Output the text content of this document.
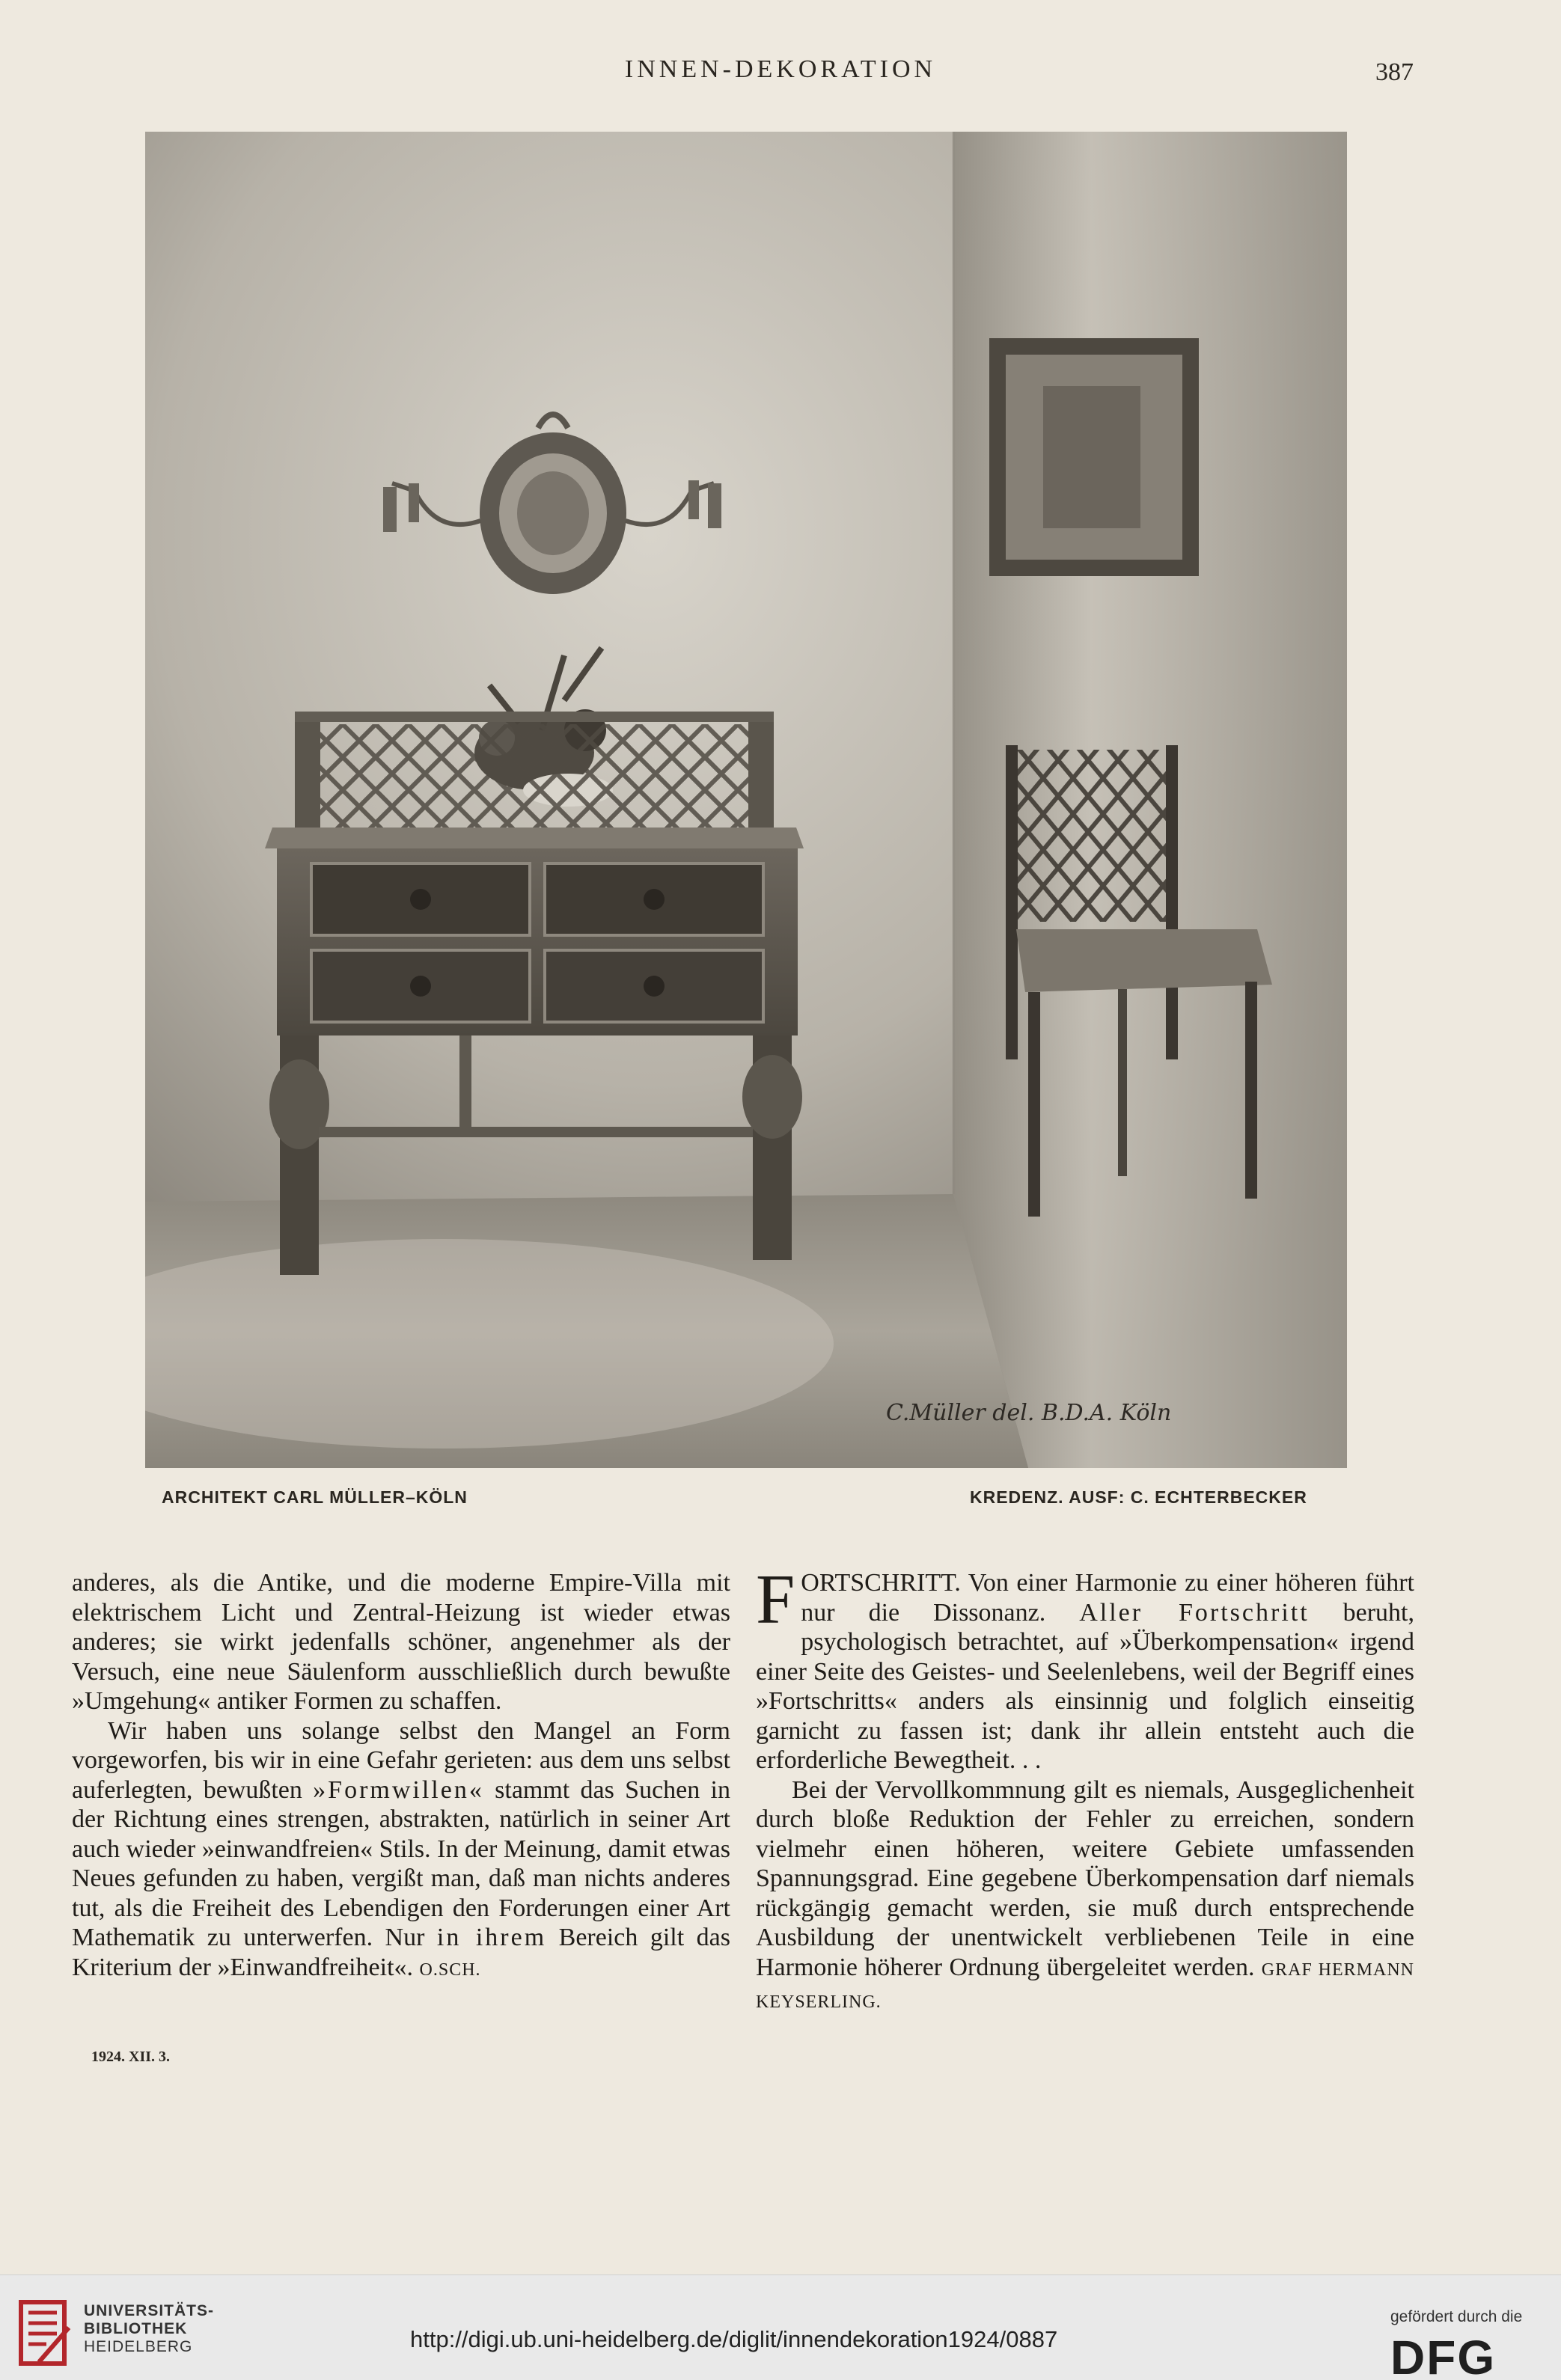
INNEN-DEKORATION	387
C.Müller del. B.D.A. Köln
ARCHITEKT CARL MÜLLER–KÖLN	KREDENZ. AUSF: C. ECHTERBECKER

anderes, als die Antike, und die moderne Empire-Villa mit elektrischem Licht und Zentral-Heizung ist wieder etwas anderes; sie wirkt jedenfalls schöner, angenehmer als der Versuch, eine neue Säulenform ausschließlich durch bewußte »Umgehung« antiker Formen zu schaffen.

Wir haben uns solange selbst den Mangel an Form vorgeworfen, bis wir in eine Gefahr gerieten: aus dem uns selbst auferlegten, bewußten »Formwillen« stammt das Suchen in der Richtung eines strengen, abstrakten, natürlich in seiner Art auch wieder »einwandfreien« Stils. In der Meinung, damit etwas Neues gefunden zu haben, vergißt man, daß man nichts anderes tut, als die Freiheit des Lebendigen den Forderungen einer Art Mathematik zu unterwerfen. Nur in ihrem Bereich gilt das Kriterium der »Einwandfreiheit«. O.SCH.

FORTSCHRITT. Von einer Harmonie zu einer höheren führt nur die Dissonanz. Aller Fortschritt beruht, psychologisch betrachtet, auf »Überkompensation« irgend einer Seite des Geistes- und Seelenlebens, weil der Begriff eines »Fortschritts« anders als einsinnig und folglich einseitig garnicht zu fassen ist; dank ihr allein entsteht auch die erforderliche Bewegtheit. . .

Bei der Vervollkommnung gilt es niemals, Ausgeglichenheit durch bloße Reduktion der Fehler zu erreichen, sondern vielmehr einen höheren, weitere Gebiete umfassenden Spannungsgrad. Eine gegebene Überkompensation darf niemals rückgängig gemacht werden, sie muß durch entsprechende Ausbildung der unentwickelt verbliebenen Teile in eine Harmonie höherer Ordnung übergeleitet werden. GRAF HERMANN KEYSERLING.

1924. XII. 3.
UNIVERSITÄTS-
BIBLIOTHEK
HEIDELBERG	http://digi.ub.uni-heidelberg.de/diglit/innendekoration1924/0887
gefördert durch die
DFG
